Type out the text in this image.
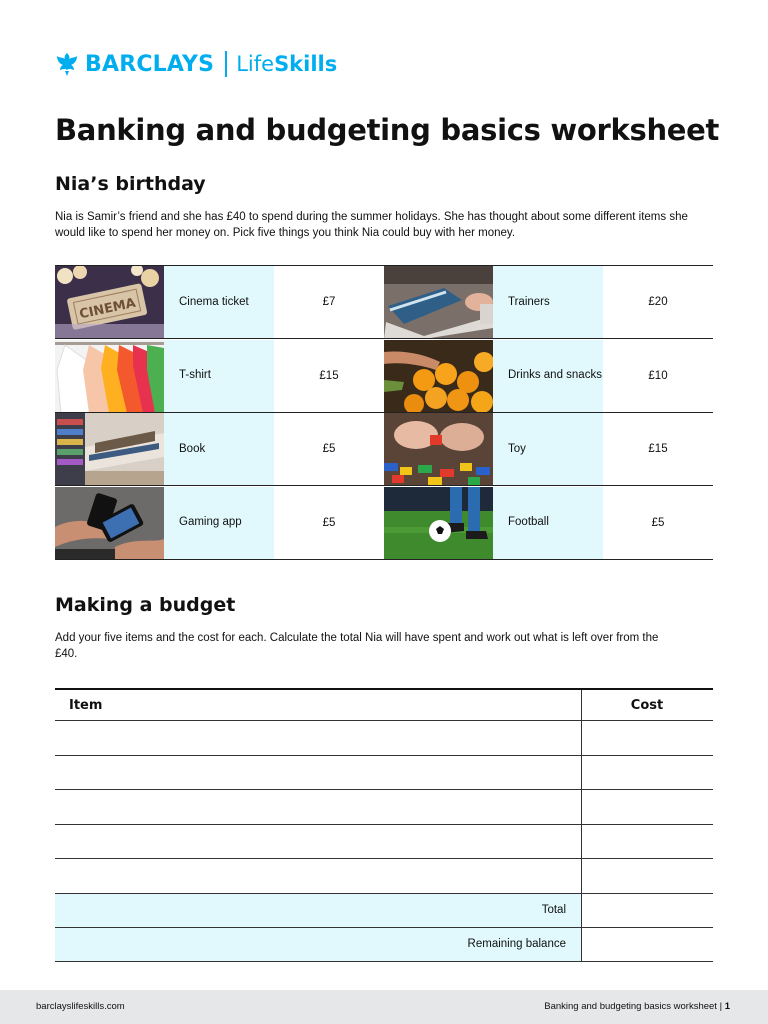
BARCLAYS Life Skills
Banking and budgeting basics worksheet
Nia’s birthday

Nia is Samir’s friend and she has £40 to spend during the summer holidays. She has thought about some different items she would like to spend her money on. Pick five things you think Nia could buy with her money.

CINEMA	Cinema ticket	£7	Trainers	£20
T-shirt	£15	Drinks and snacks	£10
Book	£5	Toy	£15
Gaming app	£5	Football	£5
Making a budget

Add your five items and the cost for each. Calculate the total Nia will have spent and work out what is left over from the £40.

Item	Cost
Total
Remaining balance
barclayslifeskills.com	Banking and budgeting basics worksheet | 1
